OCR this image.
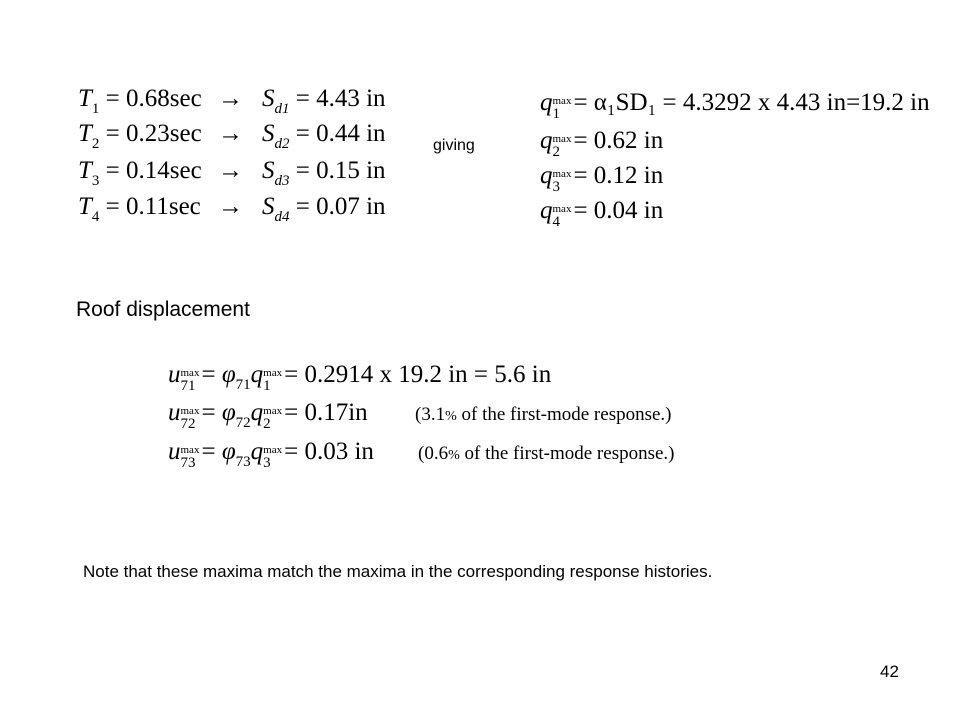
$T_1 = 0.68\sec \to S_{d1} = 4.43$ in
$T_2 = 0.23\sec \to S_{d2} = 0.44$ in
$T_3 = 0.14\sec \to S_{d3} = 0.15$ in
$T_4 = 0.11\sec \to S_{d4} = 0.07$ in
giving
q max
1 = α₁SD₁ = 4.3292 x 4.43 in=19.2 in
q max
2 = 0.62 in
q max
3 = 0.12 in
q max
4 = 0.04 in
Roof displacement
u max
$71 = \varphi_{71}q$ max
1 = 0.2914 x 19.2 in = 5.6 in
u max
$72 = \varphi_{72}q$ max
2 = 0.17in (3.1% of the first-mode response.)
u max
$73 = \varphi_{73}q$ max
3 = 0.03 in (0.6% of the first-mode response.)
Note that these maxima match the maxima in the corresponding response histories.
42
